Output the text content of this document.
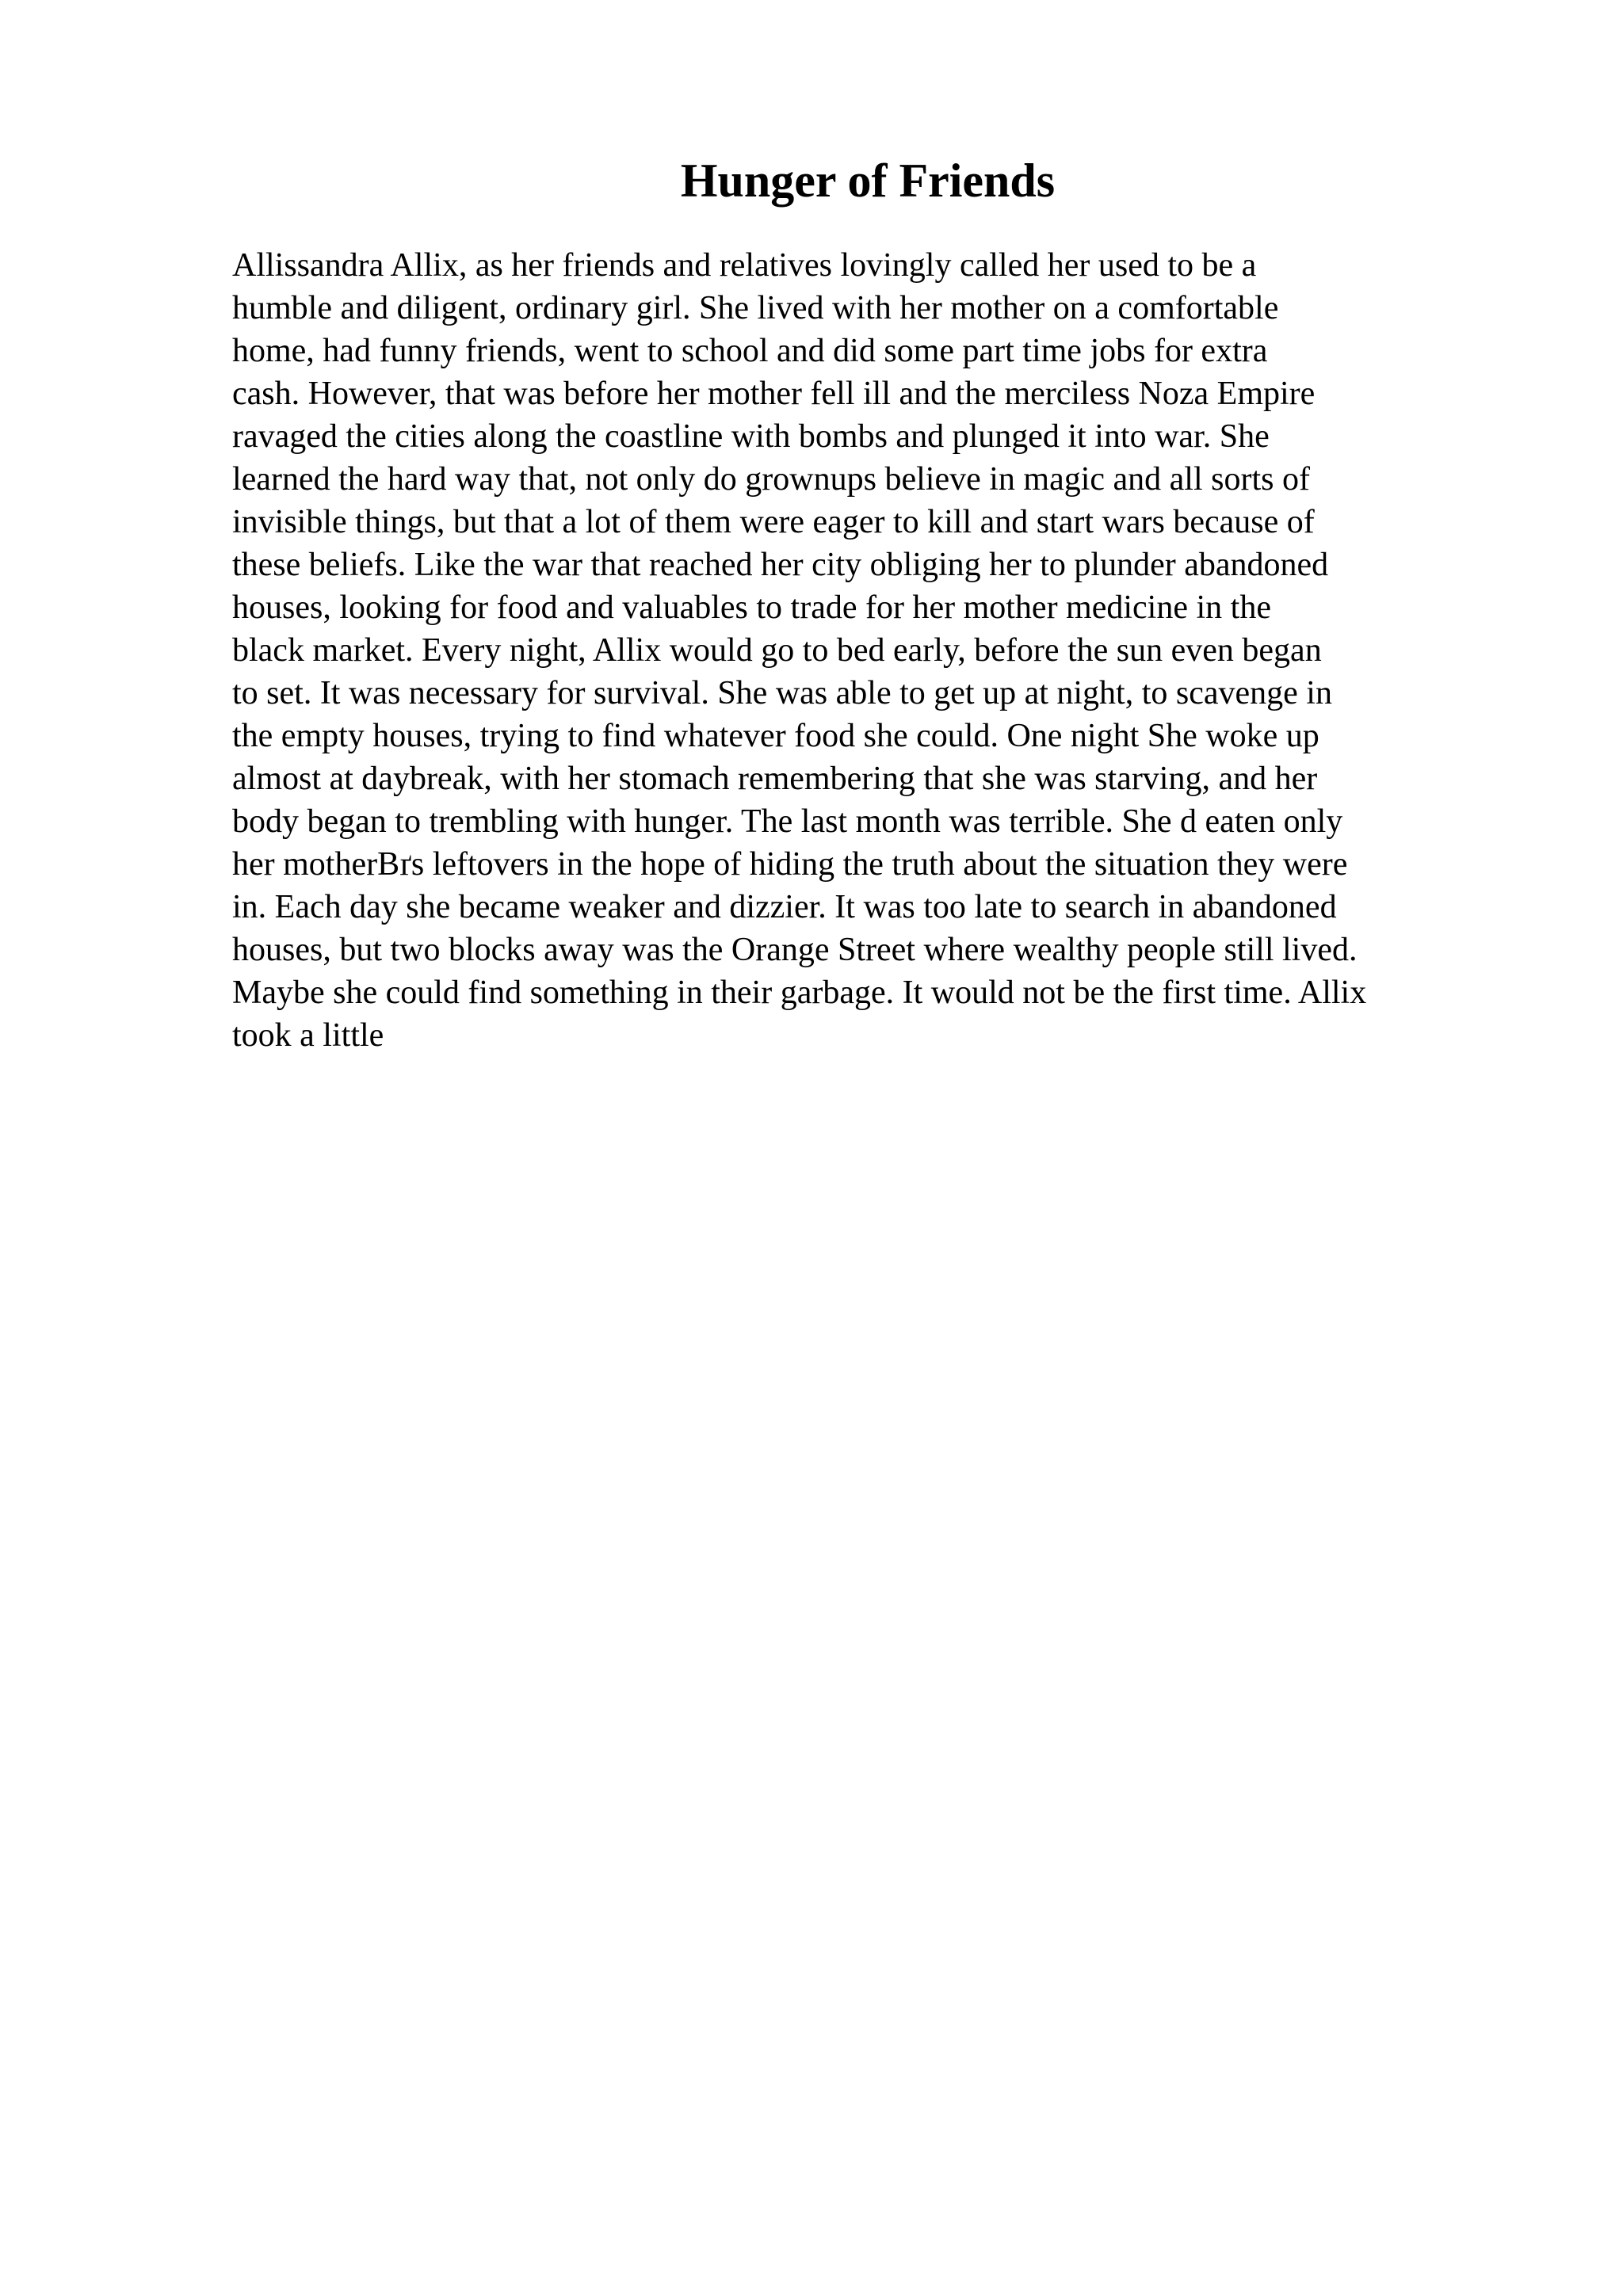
Hunger of Friends
Allissandra Allix, as her friends and relatives lovingly called her used to be a
humble and diligent, ordinary girl. She lived with her mother on a comfortable
home, had funny friends, went to school and did some part time jobs for extra
cash. However, that was before her mother fell ill and the merciless Noza Empire
ravaged the cities along the coastline with bombs and plunged it into war. She
learned the hard way that, not only do grownups believe in magic and all sorts of
invisible things, but that a lot of them were eager to kill and start wars because of
these beliefs. Like the war that reached her city obliging her to plunder abandoned
houses, looking for food and valuables to trade for her mother medicine in the
black market. Every night, Allix would go to bed early, before the sun even began
to set. It was necessary for survival. She was able to get up at night, to scavenge in
the empty houses, trying to find whatever food she could. One night She woke up
almost at daybreak, with her stomach remembering that she was starving, and her
body began to trembling with hunger. The last month was terrible. She d eaten only
her motherBґs leftovers in the hope of hiding the truth about the situation they were
in. Each day she became weaker and dizzier. It was too late to search in abandoned
houses, but two blocks away was the Orange Street where wealthy people still lived.
Maybe she could find something in their garbage. It would not be the first time. Allix
took a little
